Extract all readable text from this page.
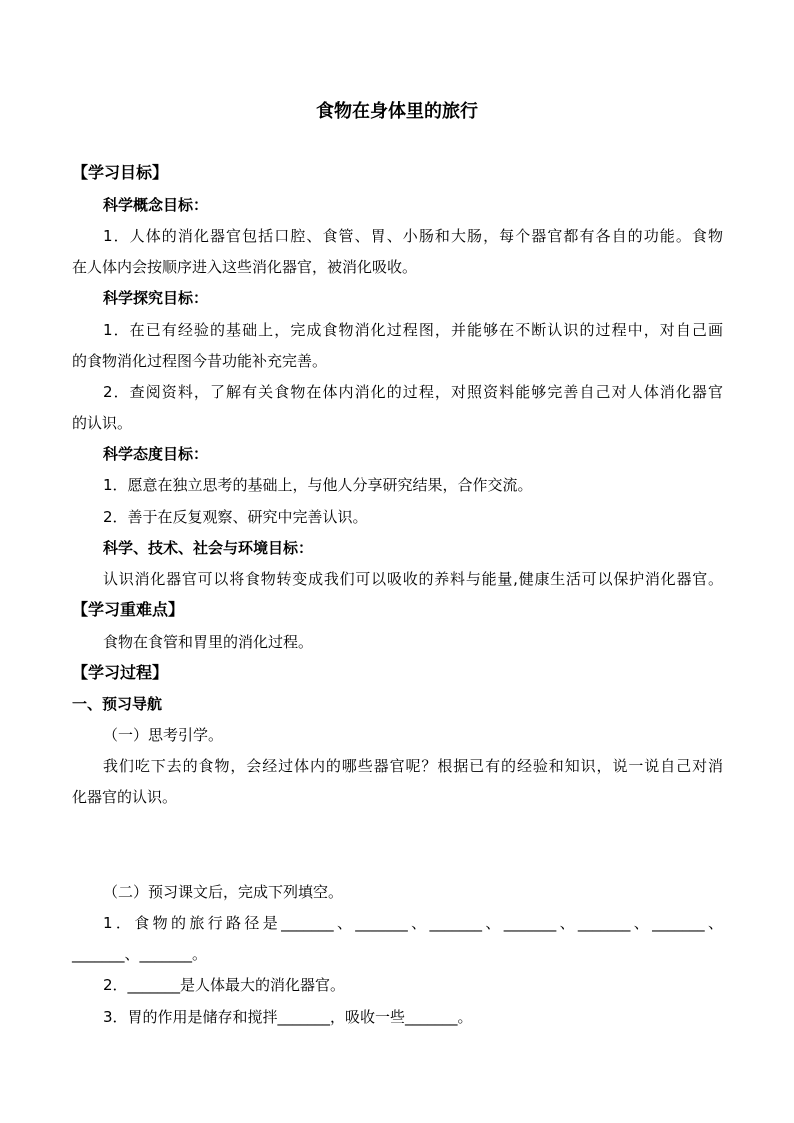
食物在身体里的旅行
【学习目标】
科学概念目标：
1．人体的消化器官包括口腔、食管、胃、小肠和大肠，每个器官都有各自的功能。食物
在人体内会按顺序进入这些消化器官，被消化吸收。
科学探究目标：
1．在已有经验的基础上，完成食物消化过程图，并能够在不断认识的过程中，对自己画
的食物消化过程图今昔功能补充完善。
2．查阅资料，了解有关食物在体内消化的过程，对照资料能够完善自己对人体消化器官
的认识。
科学态度目标：
1．愿意在独立思考的基础上，与他人分享研究结果，合作交流。
2．善于在反复观察、研究中完善认识。
科学、技术、社会与环境目标：
认识消化器官可以将食物转变成我们可以吸收的养料与能量,健康生活可以保护消化器官。
【学习重难点】
食物在食管和胃里的消化过程。
【学习过程】
一、预习导航
（一）思考引学。
我们吃下去的食物，会经过体内的哪些器官呢？根据已有的经验和知识，说一说自己对消
化器官的认识。
（二）预习课文后，完成下列填空。
1．食物的旅行路径是_______、_______、_______、_______、_______、_______、
_______、_______。
2．_______是人体最大的消化器官。
3．胃的作用是储存和搅拌_______，吸收一些_______。
